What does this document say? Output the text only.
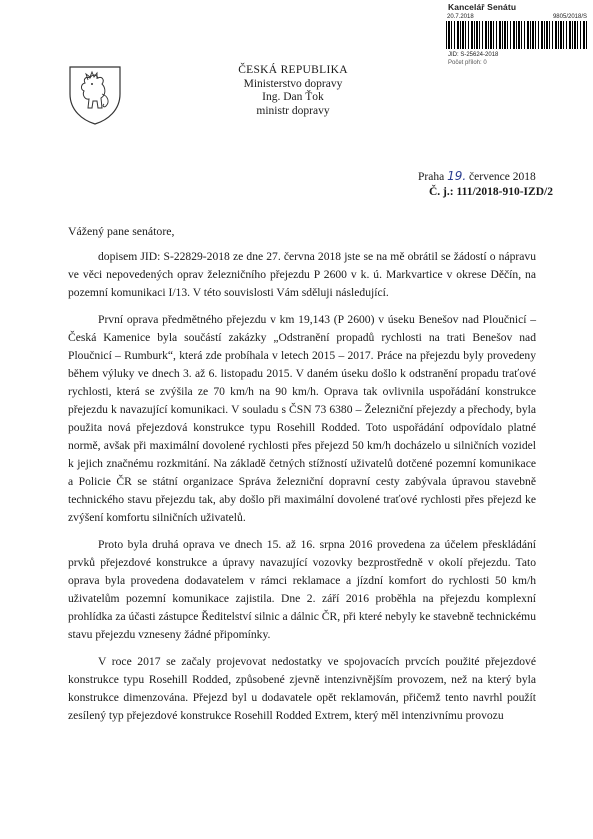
Kancelář Senátu
20.7.2018	9805/2018/S
JID: S-25624-2018
Počet příloh: 0
ČESKÁ REPUBLIKA
Ministerstvo dopravy
Ing. Dan Ťok
ministr dopravy
Praha 19. července 2018
Č. j.: 111/2018-910-IZD/2
Vážený pane senátore,

dopisem JID: S-22829-2018 ze dne 27. června 2018 jste se na mě obrátil se žádostí o nápravu ve věci nepovedených oprav železničního přejezdu P 2600 v k. ú. Markvartice v okrese Děčín, na pozemní komunikaci I/13. V této souvislosti Vám sděluji následující.

První oprava předmětného přejezdu v km 19,143 (P 2600) v úseku Benešov nad Ploučnicí – Česká Kamenice byla součástí zakázky „Odstranění propadů rychlosti na trati Benešov nad Ploučnicí – Rumburk“, která zde probíhala v letech 2015 – 2017. Práce na přejezdu byly provedeny během výluky ve dnech 3. až 6. listopadu 2015. V daném úseku došlo k odstranění propadu traťové rychlosti, která se zvýšila ze 70 km/h na 90 km/h. Oprava tak ovlivnila uspořádání konstrukce přejezdu k navazující komunikaci. V souladu s ČSN 73 6380 – Železniční přejezdy a přechody, byla použita nová přejezdová konstrukce typu Rosehill Rodded. Toto uspořádání odpovídalo platné normě, avšak při maximální dovolené rychlosti přes přejezd 50 km/h docházelo u silničních vozidel k jejich značnému rozkmitání. Na základě četných stížností uživatelů dotčené pozemní komunikace a Policie ČR se státní organizace Správa železniční dopravní cesty zabývala úpravou stavebně technického stavu přejezdu tak, aby došlo při maximální dovolené traťové rychlosti přes přejezd ke zvýšení komfortu silničních uživatelů.

Proto byla druhá oprava ve dnech 15. až 16. srpna 2016 provedena za účelem přeskládání prvků přejezdové konstrukce a úpravy navazující vozovky bezprostředně v okolí přejezdu. Tato oprava byla provedena dodavatelem v rámci reklamace a jízdní komfort do rychlosti 50 km/h uživatelům pozemní komunikace zajistila. Dne 2. září 2016 proběhla na přejezdu komplexní prohlídka za účasti zástupce Ředitelství silnic a dálnic ČR, při které nebyly ke stavebně technickému stavu přejezdu vzneseny žádné připomínky.

V roce 2017 se začaly projevovat nedostatky ve spojovacích prvcích použité přejezdové konstrukce typu Rosehill Rodded, způsobené zjevně intenzivnějším provozem, než na který byla konstrukce dimenzována. Přejezd byl u dodavatele opět reklamován, přičemž tento navrhl použít zesílený typ přejezdové konstrukce Rosehill Rodded Extrem, který měl intenzivnímu provozu
